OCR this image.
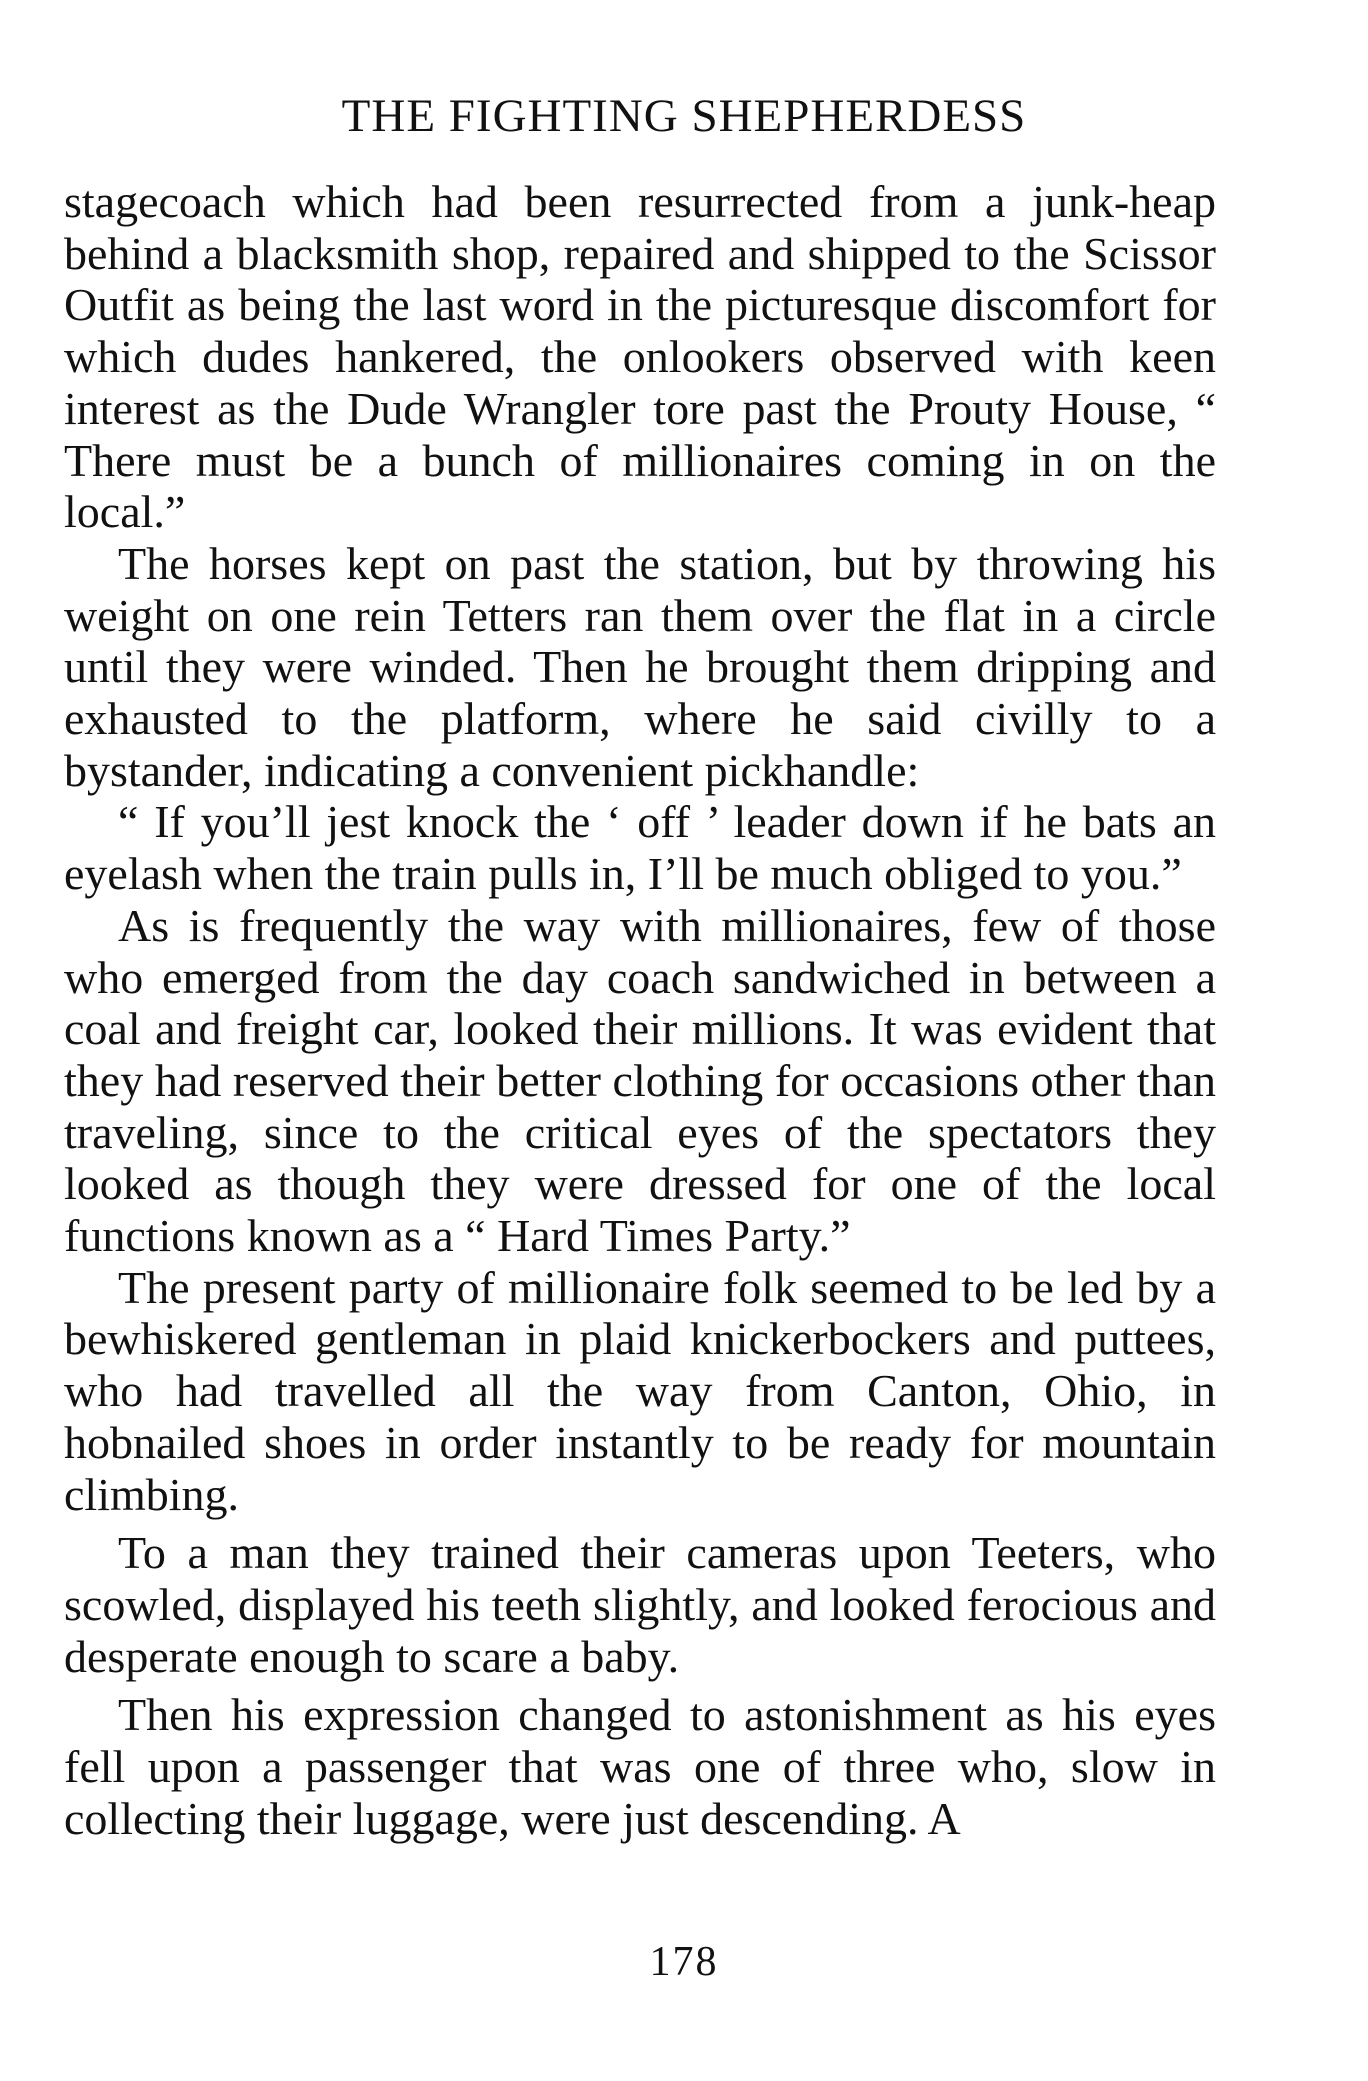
THE FIGHTING SHEPHERDESS

stagecoach which had been resurrected from a junk-heap behind a blacksmith shop, repaired and shipped to the Scissor Outfit as being the last word in the picturesque discomfort for which dudes hankered, the onlookers observed with keen interest as the Dude Wrangler tore past the Prouty House, “ There must be a bunch of millionaires coming in on the local.”

The horses kept on past the station, but by throwing his weight on one rein Tetters ran them over the flat in a circle until they were winded. Then he brought them dripping and exhausted to the platform, where he said civilly to a bystander, indicating a convenient pickhandle:

“ If you’ll jest knock the ‘ off ’ leader down if he bats an eyelash when the train pulls in, I’ll be much obliged to you.”

As is frequently the way with millionaires, few of those who emerged from the day coach sandwiched in between a coal and freight car, looked their millions. It was evident that they had reserved their better clothing for occasions other than traveling, since to the critical eyes of the spectators they looked as though they were dressed for one of the local functions known as a “ Hard Times Party.”

The present party of millionaire folk seemed to be led by a bewhiskered gentleman in plaid knickerbockers and puttees, who had travelled all the way from Canton, Ohio, in hobnailed shoes in order instantly to be ready for mountain climbing.

To a man they trained their cameras upon Teeters, who scowled, displayed his teeth slightly, and looked ferocious and desperate enough to scare a baby.

Then his expression changed to astonishment as his eyes fell upon a passenger that was one of three who, slow in collecting their luggage, were just descending. A

178
